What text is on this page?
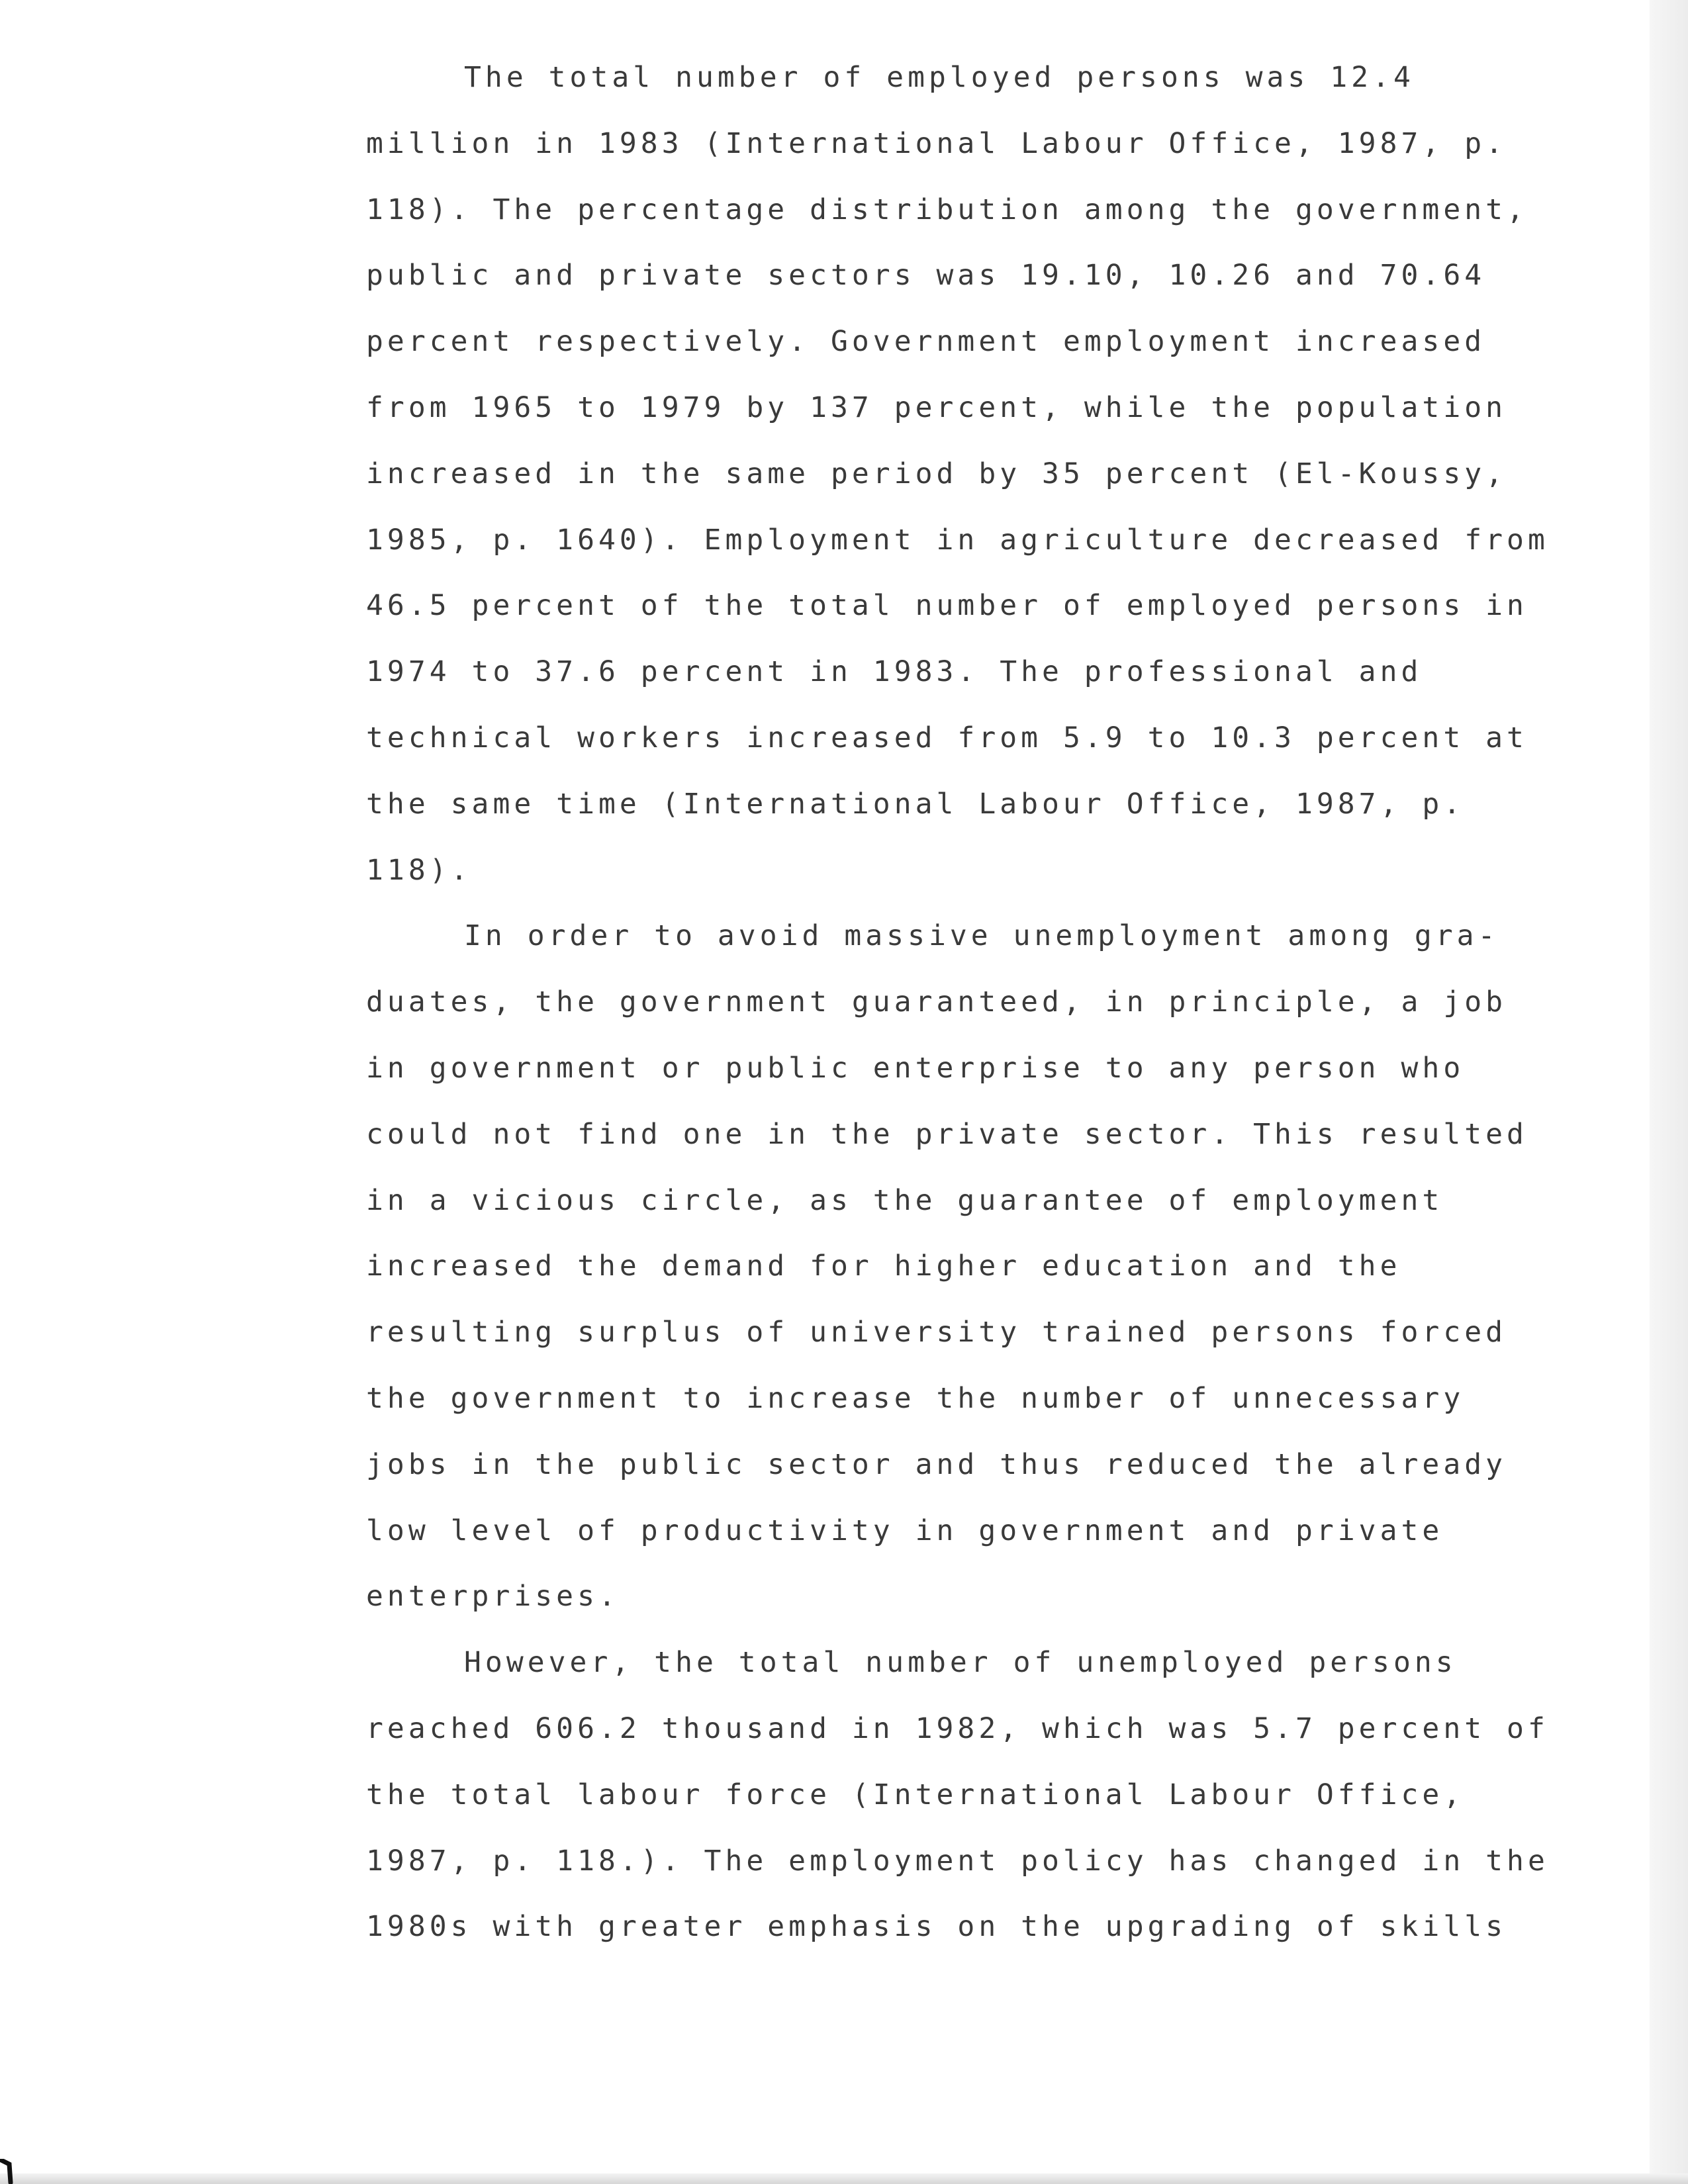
The total number of employed persons was 12.4
million in 1983 (International Labour Office, 1987, p.
118). The percentage distribution among the government,
public and private sectors was 19.10, 10.26 and 70.64
percent respectively. Government employment increased
from 1965 to 1979 by 137 percent, while the population
increased in the same period by 35 percent (El-Koussy,
1985, p. 1640). Employment in agriculture decreased from
46.5 percent of the total number of employed persons in
1974 to 37.6 percent in 1983. The professional and
technical workers increased from 5.9 to 10.3 percent at
the same time (International Labour Office, 1987, p.
118).
In order to avoid massive unemployment among gra-
duates, the government guaranteed, in principle, a job
in government or public enterprise to any person who
could not find one in the private sector. This resulted
in a vicious circle, as the guarantee of employment
increased the demand for higher education and the
resulting surplus of university trained persons forced
the government to increase the number of unnecessary
jobs in the public sector and thus reduced the already
low level of productivity in government and private
enterprises.
However, the total number of unemployed persons
reached 606.2 thousand in 1982, which was 5.7 percent of
the total labour force (International Labour Office,
1987, p. 118.). The employment policy has changed in the
1980s with greater emphasis on the upgrading of skills
